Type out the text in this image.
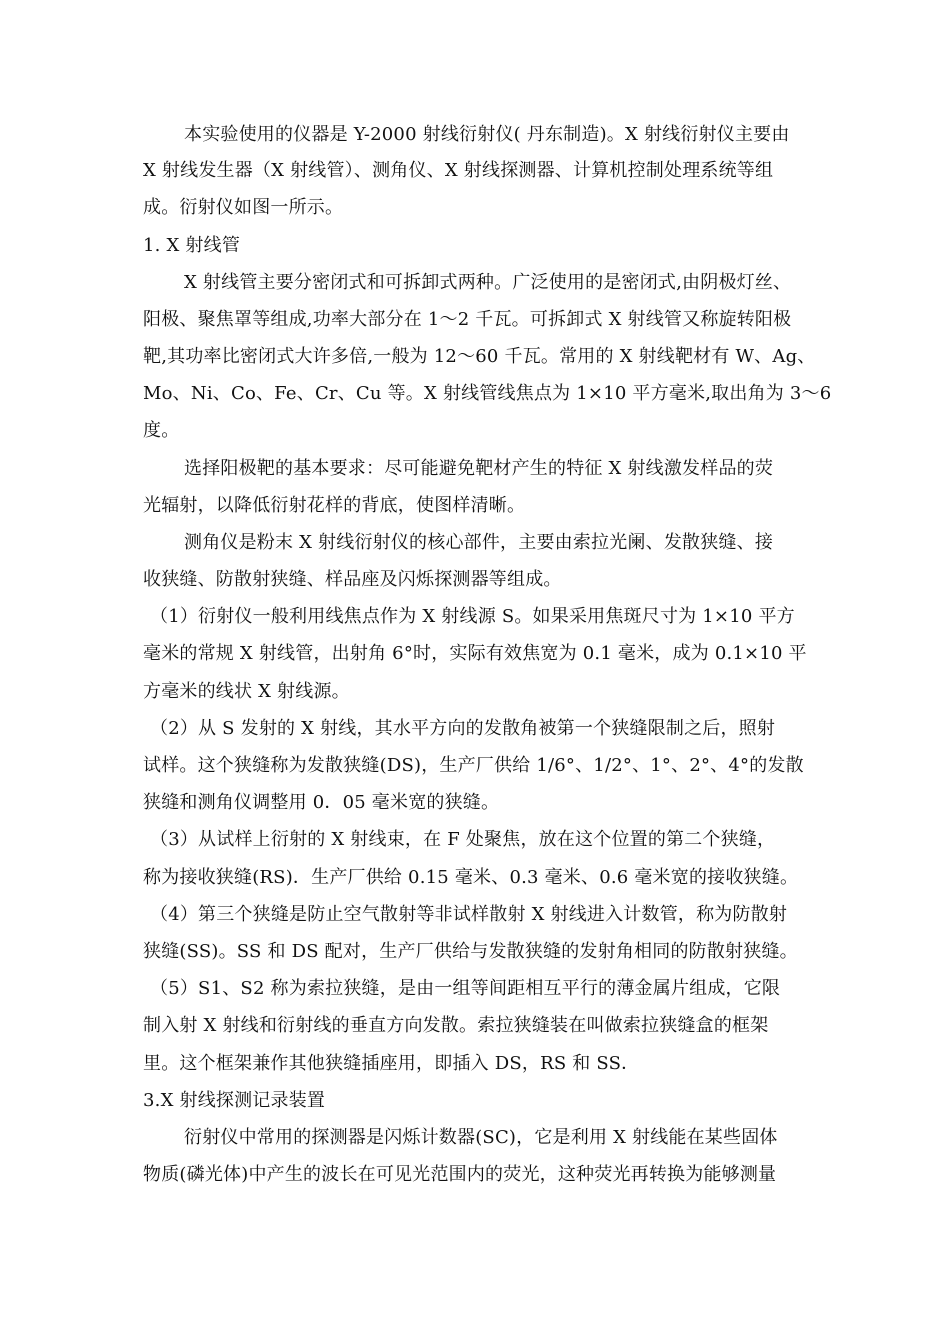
本实验使用的仪器是 Y-2000 射线衍射仪( 丹东制造)。X 射线衍射仪主要由
X 射线发生器（X 射线管）、测角仪、X 射线探测器、计算机控制处理系统等组
成。衍射仪如图一所示。
1. X 射线管
X 射线管主要分密闭式和可拆卸式两种。广泛使用的是密闭式,由阴极灯丝、
阳极、聚焦罩等组成,功率大部分在 1～2 千瓦。可拆卸式 X 射线管又称旋转阳极
靶,其功率比密闭式大许多倍,一般为 12～60 千瓦。常用的 X 射线靶材有 W、Ag、
Mo、Ni、Co、Fe、Cr、Cu 等。X 射线管线焦点为 1×10 平方毫米,取出角为 3～6
度。
选择阳极靶的基本要求：尽可能避免靶材产生的特征 X 射线激发样品的荧
光辐射，以降低衍射花样的背底，使图样清晰。
测角仪是粉末 X 射线衍射仪的核心部件，主要由索拉光阑、发散狭缝、接
收狭缝、防散射狭缝、样品座及闪烁探测器等组成。
（1）衍射仪一般利用线焦点作为 X 射线源 S。如果采用焦斑尺寸为 1×10 平方
毫米的常规 X 射线管，出射角 6°时，实际有效焦宽为 0.1 毫米，成为 0.1×10 平
方毫米的线状 X 射线源。
（2）从 S 发射的 X 射线，其水平方向的发散角被第一个狭缝限制之后，照射
试样。这个狭缝称为发散狭缝(DS)，生产厂供给 1/6°、1/2°、1°、2°、4°的发散
狭缝和测角仪调整用 0．05 毫米宽的狭缝。
（3）从试样上衍射的 X 射线束，在 F 处聚焦，放在这个位置的第二个狭缝，
称为接收狭缝(RS)．生产厂供给 0.15 毫米、0.3 毫米、0.6 毫米宽的接收狭缝。
（4）第三个狭缝是防止空气散射等非试样散射 X 射线进入计数管，称为防散射
狭缝(SS)。SS 和 DS 配对，生产厂供给与发散狭缝的发射角相同的防散射狭缝。
（5）S1、S2 称为索拉狭缝，是由一组等间距相互平行的薄金属片组成，它限
制入射 X 射线和衍射线的垂直方向发散。索拉狭缝装在叫做索拉狭缝盒的框架
里。这个框架兼作其他狭缝插座用，即插入 DS，RS 和 SS．
3.X 射线探测记录装置
衍射仪中常用的探测器是闪烁计数器(SC)，它是利用 X 射线能在某些固体
物质(磷光体)中产生的波长在可见光范围内的荧光，这种荧光再转换为能够测量
